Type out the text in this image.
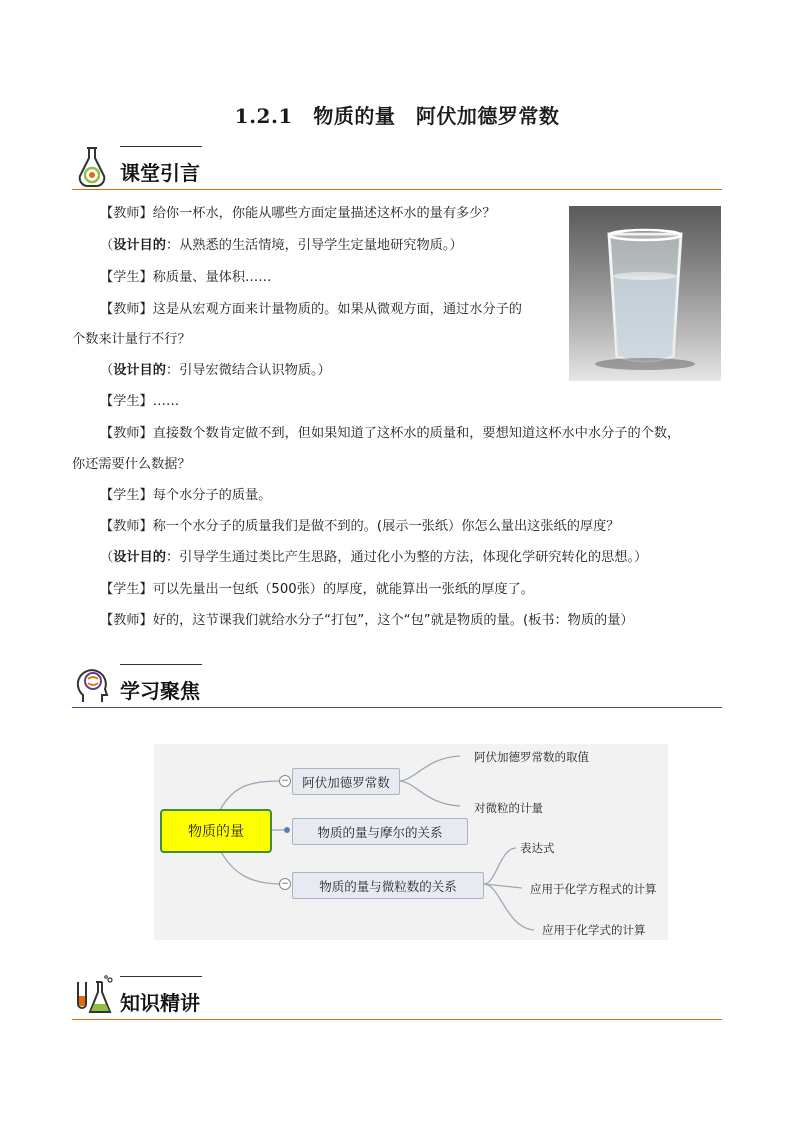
1.2.1　物质的量　阿伏加德罗常数
课堂引言
【教师】给你一杯水，你能从哪些方面定量描述这杯水的量有多少？
（设计目的：从熟悉的生活情境，引导学生定量地研究物质。）
【学生】称质量、量体积……
【教师】这是从宏观方面来计量物质的。如果从微观方面，通过水分子的
个数来计量行不行？
（设计目的：引导宏微结合认识物质。）
【学生】……
【教师】直接数个数肯定做不到，但如果知道了这杯水的质量和，要想知道这杯水中水分子的个数，
你还需要什么数据？
【学生】每个水分子的质量。
【教师】称一个水分子的质量我们是做不到的。(展示一张纸）你怎么量出这张纸的厚度？
（设计目的：引导学生通过类比产生思路，通过化小为整的方法，体现化学研究转化的思想。）
【学生】可以先量出一包纸（500张）的厚度，就能算出一张纸的厚度了。
【教师】好的，这节课我们就给水分子“打包”，这个“包”就是物质的量。(板书：物质的量）
学习聚焦
物质的量
−	阿伏加德罗常数
物质的量与摩尔的关系
−	物质的量与微粒数的关系
阿伏加德罗常数的取值
对微粒的计量
表达式
应用于化学方程式的计算
应用于化学式的计算
知识精讲
